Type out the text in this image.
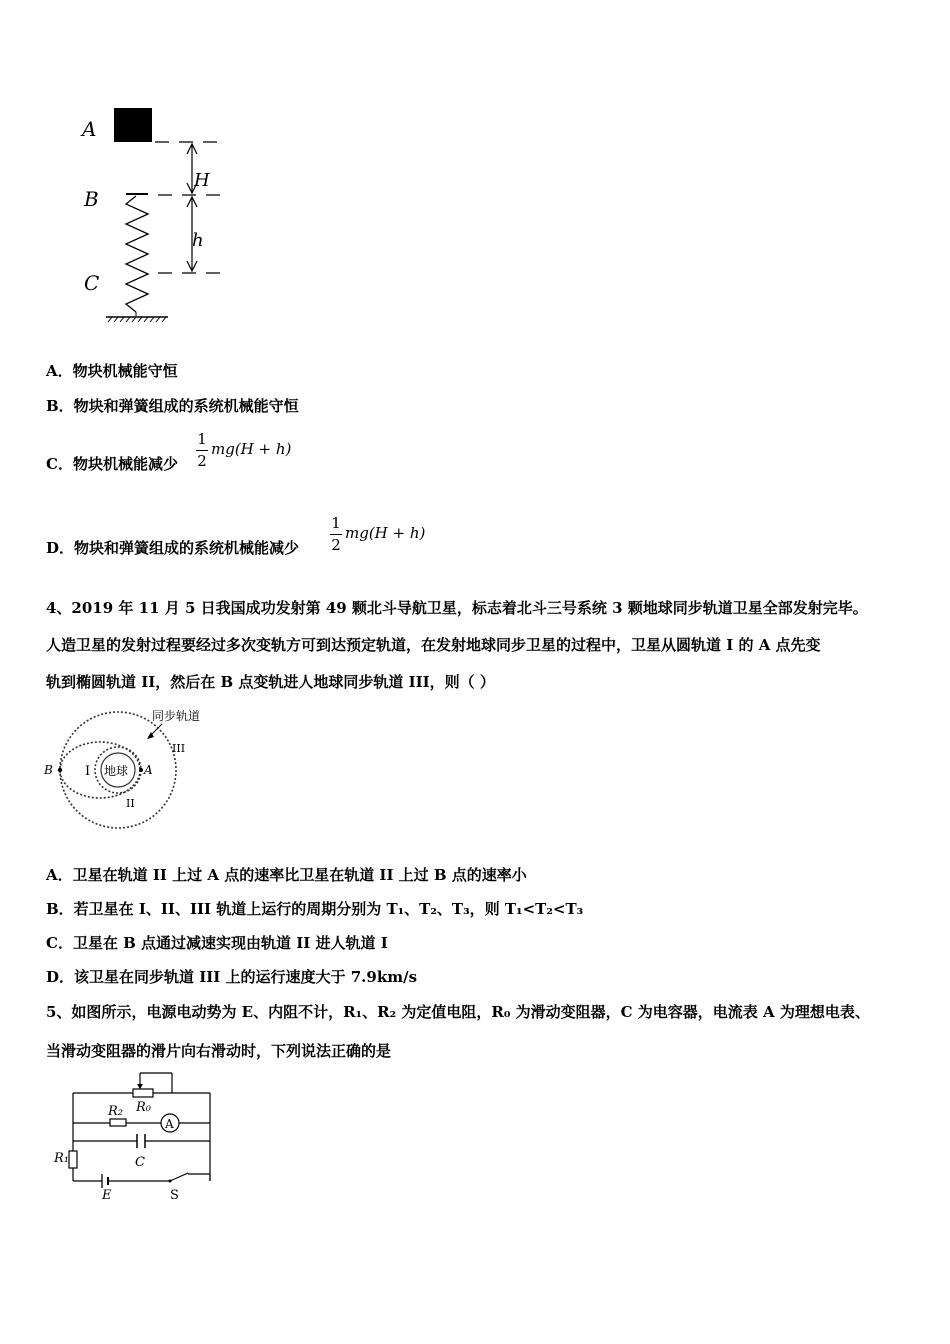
A
B
C
H
h
A．物块机械能守恒
B．物块和弹簧组成的系统机械能守恒
C．物块机械能减少
1
2
mg(H + h)
D．物块和弹簧组成的系统机械能减少
1
2
mg(H + h)
4、2019 年 11 月 5 日我国成功发射第 49 颗北斗导航卫星，标志着北斗三号系统 3 颗地球同步轨道卫星全部发射完毕。
人造卫星的发射过程要经过多次变轨方可到达预定轨道，在发射地球同步卫星的过程中，卫星从圆轨道 I 的 A 点先变
轨到椭圆轨道 II，然后在 B 点变轨进人地球同步轨道 III，则（ ）
地球
I
II
III
B	A
同步轨道
A．卫星在轨道 II 上过 A 点的速率比卫星在轨道 II 上过 B 点的速率小
B．若卫星在 I、II、III 轨道上运行的周期分别为 T₁、T₂、T₃，则 T₁<T₂<T₃
C．卫星在 B 点通过减速实现由轨道 II 进人轨道 I
D．该卫星在同步轨道 III 上的运行速度大于 7.9km/s
5、如图所示，电源电动势为 E、内阻不计，R₁、R₂ 为定值电阻，R₀ 为滑动变阻器，C 为电容器，电流表 A 为理想电表、
当滑动变阻器的滑片向右滑动时，下列说法正确的是
R₀
R₂
A
C
R₁
E	S
